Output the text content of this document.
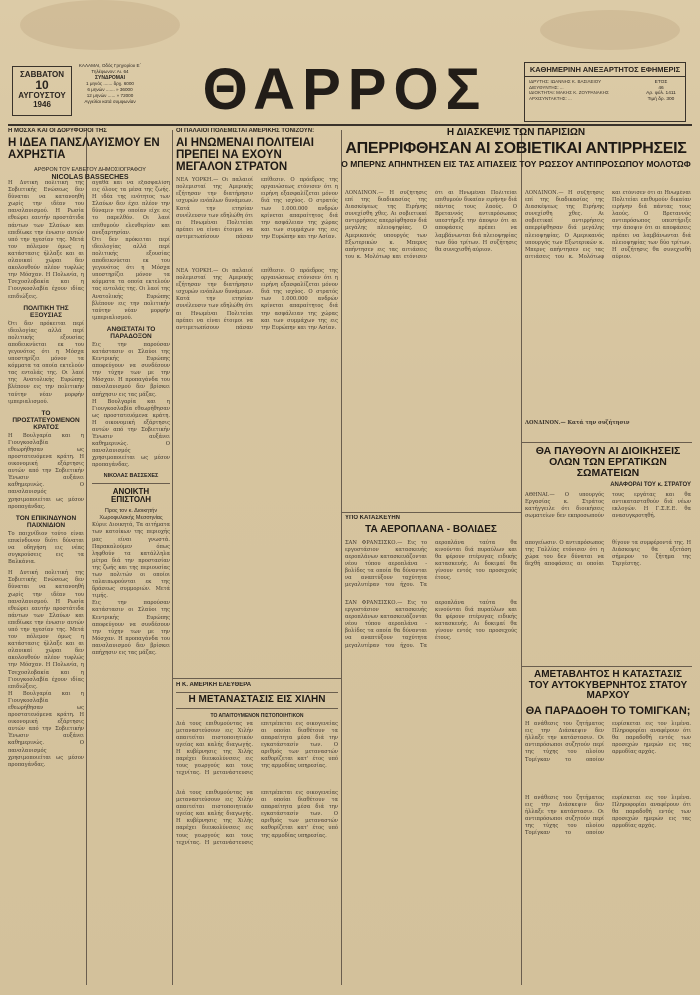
ΣΑΒΒΑΤΟΝ
10
ΑΥΓΟΥΣΤΟΥ
1946
ΚΑΛΑΜΑΙ, Οδός Γρηγορίου Ε΄
Τηλέφωνον: Αι. 64
ΣΥΝΔΡΟΜΑΙ
1 μηνός ....... δρχ. 6000
6 μηνών ....... » 36000
12 μηνών ...... » 72000
Αγγελίαι κατά συμφωνίαν	ΘΑΡΡΟΣ	ΚΑΘΗΜΕΡΙΝΗ ΑΝΕΞΑΡΤΗΤΟΣ ΕΦΗΜΕΡΙΣ
ΙΔΡΥΤΗΣ: ΙΩΑΝΝΗΣ Κ. ΒΑΣΙΛΕΙΟΥ
ΔΙΕΥΘΥΝΤΗΣ: ...
ΙΔΙΟΚΤΗΤΑΙ: ΜΑΚΗΣ Κ. ΖΟΥΡΑΝΑΚΗΣ
ΑΡΧΙΣΥΝΤΑΚΤΗΣ: ...
ΕΤΟΣ
46
Αρ. φύλ. 1411
Τιμή δρ. 300
Η ΜΟΣΧΑ ΚΑΙ ΟΙ ΔΟΡΥΦΟΡΟΙ ΤΗΣ
Η ΙΔΕΑ ΠΑΝΣΛΑΥΙΣΜΟΥ ΕΝ ΑΧΡΗΣΤΙΑ
ΑΡΘΡΟΝ ΤΟΥ ΕΛΒΕΤΟΥ ΔΗΜΟΣΙΟΓΡΑΦΟΥ
NICOLAS BASSECHES
Η Δυτική πολιτική της Σοβιετικής Ενώσεως δεν δύναται να κατανοηθή χωρίς την ιδέαν του πανσλαυισμού. Η Ρωσία εθεώρει εαυτήν προστάτιδα πάντων των Σλαύων και επεδίωκε την ένωσιν αυτών υπό την ηγεσίαν της. Μετά τον πόλεμον όμως η κατάστασις ήλλαξε και αι σλαυικαί χώραι δεν ακολουθούν πλέον τυφλώς την Μόσχαν. Η Πολωνία, η Τσεχοσλοβακία και η Γιουγκοσλαβία έχουν ιδίας επιδιώξεις.
ΠΟΛΙΤΙΚΗ ΤΗΣ ΕΞΟΥΣΙΑΣ
Ότι δεν πρόκειται περί ιδεολογίας αλλά περί πολιτικής εξουσίας αποδεικνύεται εκ του γεγονότος ότι η Μόσχα υποστηρίζει μόνον τα κόμματα τα οποία εκτελούν τας εντολάς της. Οι λαοί της Ανατολικής Ευρώπης βλέπουν εις την πολιτικήν ταύτην νέαν μορφήν ιμπεριαλισμού.
ΤΟ ΠΡΟΣΤΑΤΕΥΟΜΕΝΟΝ ΚΡΑΤΟΣ
Η Βουλγαρία και η Γιουγκοσλαβία εθεωρήθησαν ως προστατευόμενα κράτη. Η οικονομική εξάρτησις αυτών από την Σοβιετικήν Ένωσιν αυξάνει καθημερινώς. Ο πανσλαυισμός χρησιμοποιείται ως μέσον προπαγάνδας.
ΤΟΝ ΕΠΙΚΙΝΔΥΝΟΝ ΠΑΙΧΝΙΔΙΟΝ
Το παιχνίδιον τούτο είναι επικίνδυνον διότι δύναται να οδηγήση εις νέας συγκρούσεις εις τα Βαλκάνια.
Η Δυτική πολιτική της Σοβιετικής Ενώσεως δεν δύναται να κατανοηθή χωρίς την ιδέαν του πανσλαυισμού. Η Ρωσία εθεώρει εαυτήν προστάτιδα πάντων των Σλαύων και επεδίωκε την ένωσιν αυτών υπό την ηγεσίαν της. Μετά τον πόλεμον όμως η κατάστασις ήλλαξε και αι σλαυικαί χώραι δεν ακολουθούν πλέον τυφλώς την Μόσχαν. Η Πολωνία, η Τσεχοσλοβακία και η Γιουγκοσλαβία έχουν ιδίας επιδιώξεις.
Η Βουλγαρία και η Γιουγκοσλαβία εθεωρήθησαν ως προστατευόμενα κράτη. Η οικονομική εξάρτησις αυτών από την Σοβιετικήν Ένωσιν αυξάνει καθημερινώς. Ο πανσλαυισμός χρησιμοποιείται ως μέσον προπαγάνδας.
αγαθά και να εξασφαλίση εις όλους τα μέσα της ζωής. Η ιδέα της ενότητος των Σλαύων δεν έχει πλέον την δύναμιν την οποίαν είχε εις το παρελθόν. Οι λαοί επιθυμούν ελευθερίαν και ανεξαρτησίαν.
Ότι δεν πρόκειται περί ιδεολογίας αλλά περί πολιτικής εξουσίας αποδεικνύεται εκ του γεγονότος ότι η Μόσχα υποστηρίζει μόνον τα κόμματα τα οποία εκτελούν τας εντολάς της. Οι λαοί της Ανατολικής Ευρώπης βλέπουν εις την πολιτικήν ταύτην νέαν μορφήν ιμπεριαλισμού.
ΑΝΘΙΣΤΑΤΑΙ ΤΟ ΠΑΡΑΔΟΞΟΝ
Εις την παρούσαν κατάστασιν οι Σλαύοι της Κεντρικής Ευρώπης αποφεύγουν να συνδέσουν την τύχην των με την Μόσχαν. Η προπαγάνδα του πανσλαυισμού δεν βρίσκει απήχησιν εις τας μάζας.
Η Βουλγαρία και η Γιουγκοσλαβία εθεωρήθησαν ως προστατευόμενα κράτη. Η οικονομική εξάρτησις αυτών από την Σοβιετικήν Ένωσιν αυξάνει καθημερινώς. Ο πανσλαυισμός χρησιμοποιείται ως μέσον προπαγάνδας.
ΝΙΚΟΛΑΣ ΒΑΣΣΕΧΕΣ
ΑΝΟΙΚΤΗ ΕΠΙΣΤΟΛΗ
Προς τον κ. Διοικητήν Χωροφυλακής Μεσσηνίας
Κύριε Διοικητά, Τα αιτήματα των κατοίκων της περιοχής μας είναι γνωστά. Παρακαλούμεν όπως ληφθούν τα κατάλληλα μέτρα διά την προστασίαν της ζωής και της περιουσίας των πολιτών οι οποίοι ταλαιπωρούνται εκ της δράσεως συμμοριών. Μετά τιμής.
Εις την παρούσαν κατάστασιν οι Σλαύοι της Κεντρικής Ευρώπης αποφεύγουν να συνδέσουν την τύχην των με την Μόσχαν. Η προπαγάνδα του πανσλαυισμού δεν βρίσκει απήχησιν εις τας μάζας.
ΟΙ ΠΑΛΑΙΟΙ ΠΟΛΕΜΙΣΤΑΙ ΑΜΕΡΙΚΗΣ ΤΟΝΙΖΟΥΝ:
ΑΙ ΗΝΩΜΕΝΑΙ ΠΟΛΙΤΕΙΑΙ ΠΡΕΠΕΙ ΝΑ ΕΧΟΥΝ ΜΕΓΑΛΟΝ ΣΤΡΑΤΟΝ
ΝΕΑ ΥΟΡΚΗ.— Οι παλαιοί πολεμισταί της Αμερικής εζήτησαν την διατήρησιν ισχυρών ενόπλων δυνάμεων. Κατά την ετησίαν συνέλευσιν των εδηλώθη ότι αι Ηνωμέναι Πολιτείαι πρέπει να είναι έτοιμοι να αντιμετωπίσουν πάσαν επίθεσιν. Ο πρόεδρος της οργανώσεως ετόνισεν ότι η ειρήνη εξασφαλίζεται μόνον διά της ισχύος. Ο στρατός των 1.000.000 ανδρών κρίνεται απαραίτητος διά την ασφάλειαν της χώρας και των συμμάχων της εις την Ευρώπην και την Ασίαν.
ΝΕΑ ΥΟΡΚΗ.— Οι παλαιοί πολεμισταί της Αμερικής εζήτησαν την διατήρησιν ισχυρών ενόπλων δυνάμεων. Κατά την ετησίαν συνέλευσιν των εδηλώθη ότι αι Ηνωμέναι Πολιτείαι πρέπει να είναι έτοιμοι να αντιμετωπίσουν πάσαν επίθεσιν. Ο πρόεδρος της οργανώσεως ετόνισεν ότι η ειρήνη εξασφαλίζεται μόνον διά της ισχύος. Ο στρατός των 1.000.000 ανδρών κρίνεται απαραίτητος διά την ασφάλειαν της χώρας και των συμμάχων της εις την Ευρώπην και την Ασίαν.
Η ΔΙΑΣΚΕΨΙΣ ΤΩΝ ΠΑΡΙΣΙΩΝ
ΑΠΕΡΡΙΦΘΗΣΑΝ ΑΙ ΣΟΒΙΕΤΙΚΑΙ ΑΝΤΙΡΡΗΣΕΙΣ
Ο ΜΠΕΡΝΣ ΑΠΗΝΤΗΣΕΝ ΕΙΣ ΤΑΣ ΑΙΤΙΑΣΕΙΣ ΤΟΥ ΡΩΣΣΟΥ ΑΝΤΙΠΡΟΣΩΠΟΥ ΜΟΛΟΤΩΦ
ΛΟΝΔΙΝΟΝ.— Η συζήτησις επί της διαδικασίας της Διασκέψεως της Ειρήνης συνεχίσθη χθες. Αι σοβιετικαί αντιρρήσεις απερρίφθησαν διά μεγάλης πλειοψηφίας. Ο Αμερικανός υπουργός των Εξωτερικών κ. Μπερνς απήντησεν εις τας αιτιάσεις του κ. Μολότωφ και ετόνισεν ότι αι Ηνωμέναι Πολιτείαι επιθυμούν δικαίαν ειρήνην διά πάντας τους λαούς. Ο Βρεταννός αντιπρόσωπος υπεστήριξε την άποψιν ότι αι αποφάσεις πρέπει να λαμβάνωνται διά πλειοψηφίας των δύο τρίτων. Η συζήτησις θα συνεχισθή αύριον.
ΛΟΝΔΙΝΟΝ.— Η συζήτησις επί της διαδικασίας της Διασκέψεως της Ειρήνης συνεχίσθη χθες. Αι σοβιετικαί αντιρρήσεις απερρίφθησαν διά μεγάλης πλειοψηφίας. Ο Αμερικανός υπουργός των Εξωτερικών κ. Μπερνς απήντησεν εις τας αιτιάσεις του κ. Μολότωφ και ετόνισεν ότι αι Ηνωμέναι Πολιτείαι επιθυμούν δικαίαν ειρήνην διά πάντας τους λαούς. Ο Βρεταννός αντιπρόσωπος υπεστήριξε την άποψιν ότι αι αποφάσεις πρέπει να λαμβάνωνται διά πλειοψηφίας των δύο τρίτων. Η συζήτησις θα συνεχισθή αύριον.
ΛΟΝΔΙΝΟΝ.— Κατά την συζήτησιν
ΥΠΟ ΚΑΤΑΣΚΕΥΗΝ
ΤΑ ΑΕΡΟΠΛΑΝΑ - ΒΟΛΙΔΕΣ
ΣΑΝ ΦΡΑΝΣΙΣΚΟ.— Εις το εργοστάσιον κατασκευής αεροπλάνων κατασκευάζονται νέου τύπου αεροπλάνα - βολίδες τα οποία θα δύνανται να αναπτύξουν ταχύτητα μεγαλυτέραν του ήχου. Τα αεροπλάνα ταύτα θα κινούνται διά πυραύλων και θα φέρουν πτέρυγας ειδικής κατασκευής. Αι δοκιμαί θα γίνουν εντός του προσεχούς έτους.
ΣΑΝ ΦΡΑΝΣΙΣΚΟ.— Εις το εργοστάσιον κατασκευής αεροπλάνων κατασκευάζονται νέου τύπου αεροπλάνα - βολίδες τα οποία θα δύνανται να αναπτύξουν ταχύτητα μεγαλυτέραν του ήχου. Τα αεροπλάνα ταύτα θα κινούνται διά πυραύλων και θα φέρουν πτέρυγας ειδικής κατασκευής. Αι δοκιμαί θα γίνουν εντός του προσεχούς έτους.
Η Κ. ΑΜΕΡΙΚΗ ΕΛΕΥΘΕΡΑ
Η ΜΕΤΑΝΑΣΤΑΣΙΣ ΕΙΣ ΧΙΛΗΝ
ΤΟ ΑΠΑΙΤΟΥΜΕΝΟΝ ΠΙΣΤΟΠΟΙΗΤΙΚΟΝ
Διά τους επιθυμούντας να μεταναστεύσουν εις Χιλήν απαιτείται πιστοποιητικόν υγείας και καλής διαγωγής. Η κυβέρνησις της Χιλής παρέχει διευκολύνσεις εις τους γεωργούς και τους τεχνίτας. Η μετανάστευσις επιτρέπεται εις οικογενείας αι οποίαι διαθέτουν τα απαραίτητα μέσα διά την εγκατάστασίν των. Ο αριθμός των μεταναστών καθορίζεται κατ' έτος υπό της αρμοδίας υπηρεσίας.
Διά τους επιθυμούντας να μεταναστεύσουν εις Χιλήν απαιτείται πιστοποιητικόν υγείας και καλής διαγωγής. Η κυβέρνησις της Χιλής παρέχει διευκολύνσεις εις τους γεωργούς και τους τεχνίτας. Η μετανάστευσις επιτρέπεται εις οικογενείας αι οποίαι διαθέτουν τα απαραίτητα μέσα διά την εγκατάστασίν των. Ο αριθμός των μεταναστών καθορίζεται κατ' έτος υπό της αρμοδίας υπηρεσίας.
ΘΑ ΠΑΥΘΟΥΝ ΑΙ ΔΙΟΙΚΗΣΕΙΣ ΟΛΩΝ ΤΩΝ ΕΡΓΑΤΙΚΩΝ ΣΩΜΑΤΕΙΩΝ
ΑΝΑΦΟΡΑΙ ΤΟΥ κ. ΣΤΡΑΤΟΥ
ΑΘΗΝΑΙ.— Ο υπουργός Εργασίας κ. Στράτος κατήγγειλε ότι διοικήσεις σωματείων δεν εκπροσωπούν τους εργάτας και θα αντικατασταθούν διά νέων εκλογών. Η Γ.Σ.Ε.Ε. θα ανασυγκροτηθή.
απογείωσιν. Ο αντιπρόσωπος της Γαλλίας ετόνισεν ότι η χώρα του δεν δύναται να δεχθή αποφάσεις αι οποίαι θίγουν τα συμφέροντά της. Η Διάσκεψις θα εξετάση σήμερον το ζήτημα της Τεργέστης.
ΑΜΕΤΑΒΛΗΤΟΣ Η ΚΑΤΑΣΤΑΣΙΣ ΤΟΥ ΑΥΤΟΚΥΒΕΡΝΗΤΟΣ ΣΤΑΤΟΥ ΜΑΡΧΟΥ
ΘΑ ΠΑΡΑΔΟΘΗ ΤΟ ΤΟΜΙΓΚΑΝ;
Η ανάθεσις του ζητήματος εις την Διάσκεψιν δεν ήλλαξε την κατάστασιν. Οι αντιπρόσωποι συζητούν περί της τύχης του πλοίου Τομίγκαν το οποίον ευρίσκεται εις τον λιμένα. Πληροφορίαι αναφέρουν ότι θα παραδοθή εντός των προσεχών ημερών εις τας αρμοδίας αρχάς.
Η ανάθεσις του ζητήματος εις την Διάσκεψιν δεν ήλλαξε την κατάστασιν. Οι αντιπρόσωποι συζητούν περί της τύχης του πλοίου Τομίγκαν το οποίον ευρίσκεται εις τον λιμένα. Πληροφορίαι αναφέρουν ότι θα παραδοθή εντός των προσεχών ημερών εις τας αρμοδίας αρχάς.
